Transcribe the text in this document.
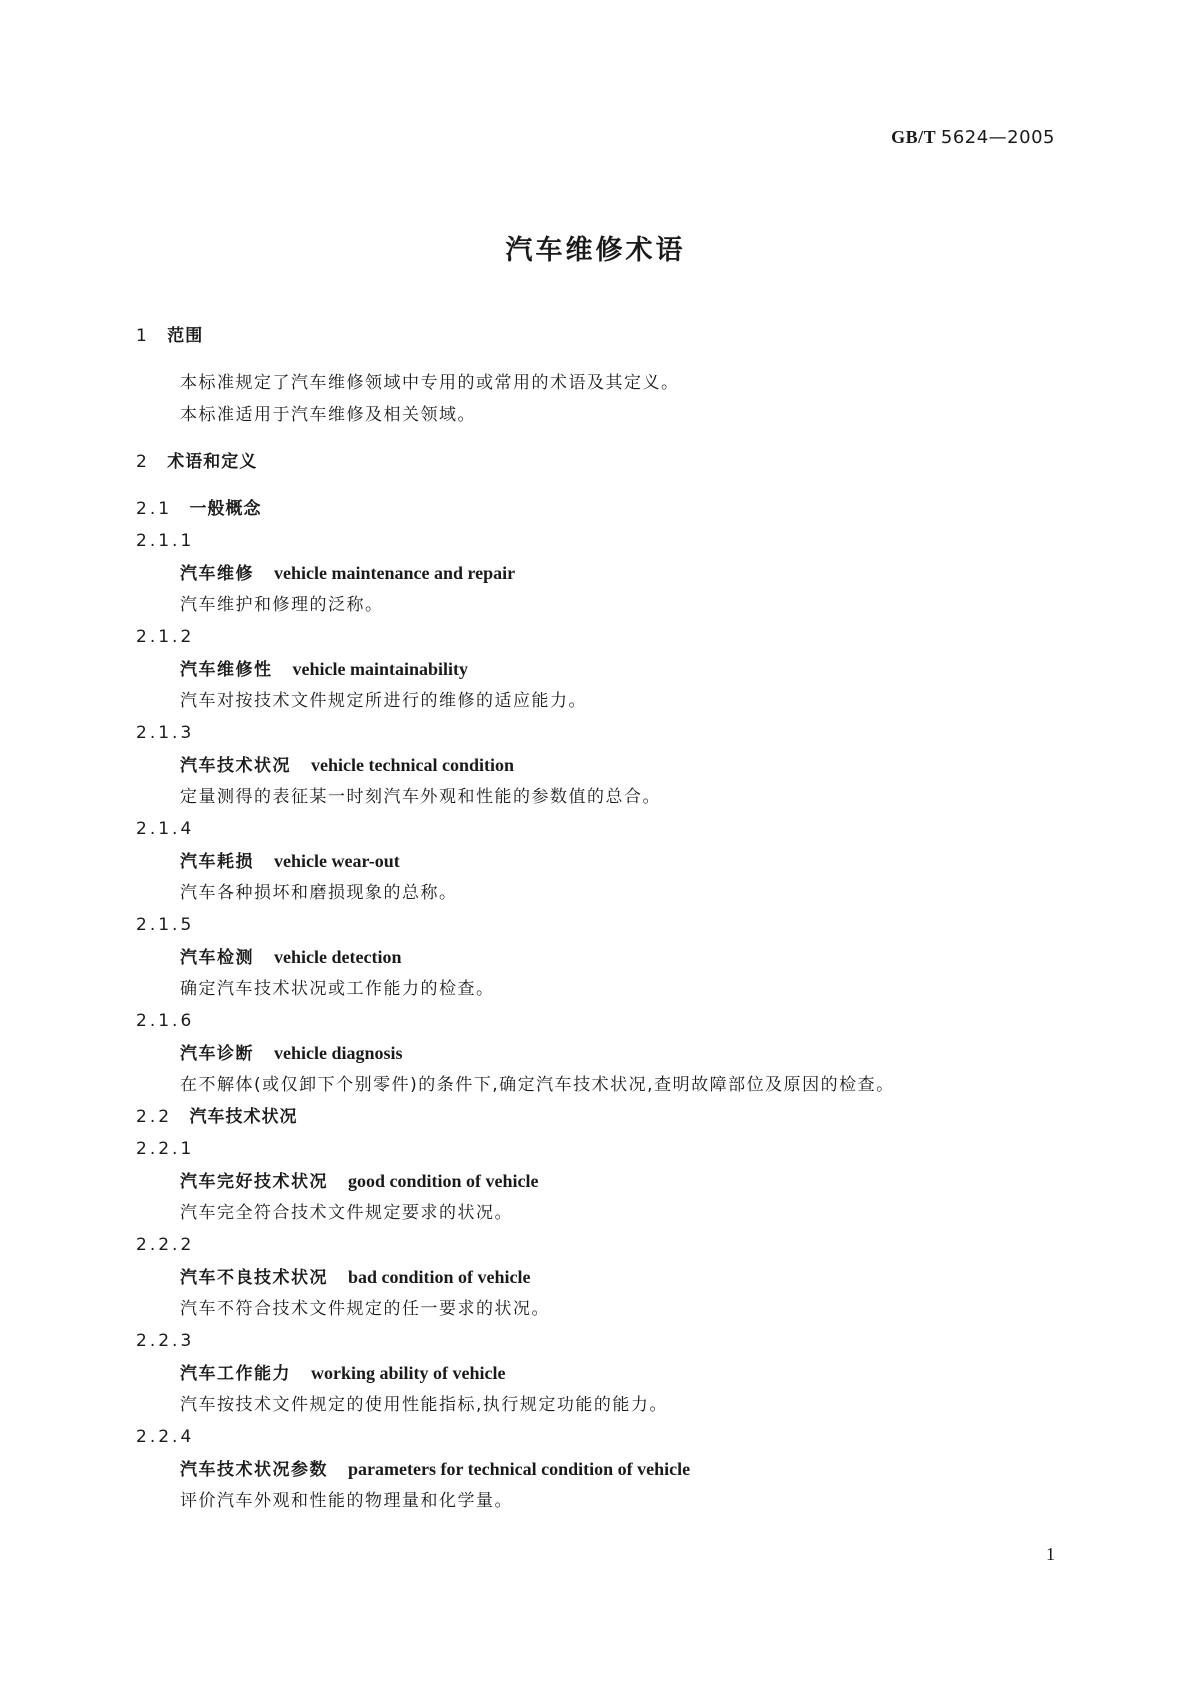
GB/T 5624—2005
汽车维修术语
1 范围
本标准规定了汽车维修领域中专用的或常用的术语及其定义。
本标准适用于汽车维修及相关领域。
2 术语和定义
2.1 一般概念
2.1.1
汽车维修 vehicle maintenance and repair
汽车维护和修理的泛称。
2.1.2
汽车维修性 vehicle maintainability
汽车对按技术文件规定所进行的维修的适应能力。
2.1.3
汽车技术状况 vehicle technical condition
定量测得的表征某一时刻汽车外观和性能的参数值的总合。
2.1.4
汽车耗损 vehicle wear-out
汽车各种损坏和磨损现象的总称。
2.1.5
汽车检测 vehicle detection
确定汽车技术状况或工作能力的检查。
2.1.6
汽车诊断 vehicle diagnosis
在不解体(或仅卸下个别零件)的条件下,确定汽车技术状况,查明故障部位及原因的检查。
2.2 汽车技术状况
2.2.1
汽车完好技术状况 good condition of vehicle
汽车完全符合技术文件规定要求的状况。
2.2.2
汽车不良技术状况 bad condition of vehicle
汽车不符合技术文件规定的任一要求的状况。
2.2.3
汽车工作能力 working ability of vehicle
汽车按技术文件规定的使用性能指标,执行规定功能的能力。
2.2.4
汽车技术状况参数 parameters for technical condition of vehicle
评价汽车外观和性能的物理量和化学量。
1
